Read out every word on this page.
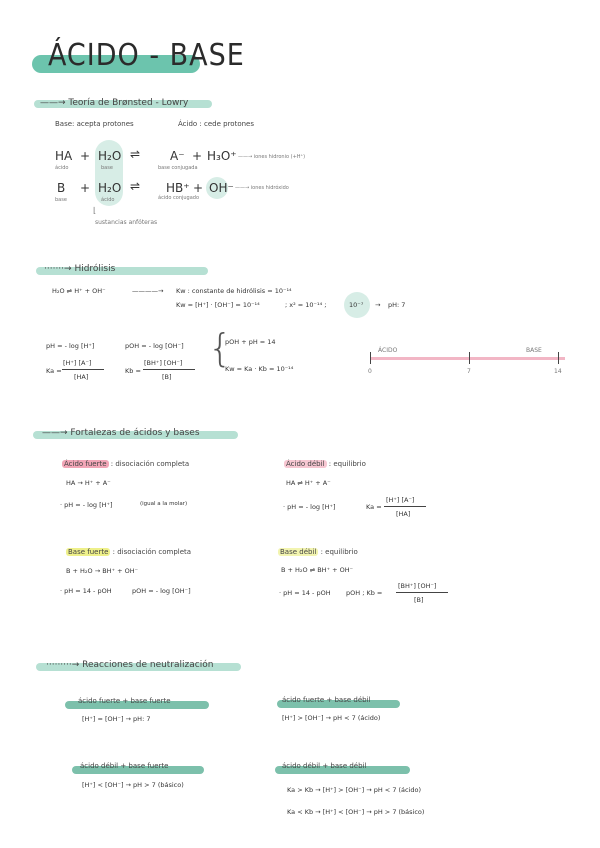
ÁCIDO - BASE
——→ Teoría de Brønsted - Lowry
Base: acepta protones	Ácido : cede protones
HA + H₂O ⇌ A⁻ + H₃O⁺
ácido	base	base conjugada
——→ iones hidronio (+H⁺)
B + H₂O ⇌ HB⁺ + OH⁻
base	ácido	ácido conjugado
——→ iones hidróxido
⌊
sustancias anfóteras
·······→ Hidrólisis
H₂O ⇌ H⁺ + OH⁻	————→ Kw : constante de hidrólisis = 10⁻¹⁴
Kw = [H⁺] · [OH⁻] = 10⁻¹⁴	; x² = 10⁻¹⁴ ;	10⁻⁷ → pH: 7
pH = - log [H⁺]	pOH = - log [OH⁻]
Ka =
[H⁺] [A⁻]
[HA]
Kb =
[BH⁺] [OH⁻]
[B]
{
pOH + pH = 14
Kw = Ka · Kb = 10⁻¹⁴
ÁCIDO	BASE
0	7	14
——→ Fortalezas de ácidos y bases
Ácido fuerte : disociación completa
HA → H⁺ + A⁻
· pH = - log [H⁺]	(igual a la molar)
Ácido débil : equilibrio
HA ⇌ H⁺ + A⁻
· pH = - log [H⁺]	Ka =
[H⁺] [A⁻]
[HA]
Base fuerte : disociación completa
B + H₂O → BH⁺ + OH⁻
· pH = 14 - pOH	pOH = - log [OH⁻]
Base débil : equilibrio
B + H₂O ⇌ BH⁺ + OH⁻
· pH = 14 - pOH pOH ; Kb =
[BH⁺] [OH⁻]
[B]
·········→ Reacciones de neutralización
ácido fuerte + base fuerte
[H⁺] = [OH⁻] → pH: 7
ácido fuerte + base débil
[H⁺] > [OH⁻] → pH < 7 (ácido)
ácido débil + base fuerte
[H⁺] < [OH⁻] → pH > 7 (básico)
ácido débil + base débil
Ka > Kb → [H⁺] > [OH⁻] → pH < 7 (ácido)
Ka < Kb → [H⁺] < [OH⁻] → pH > 7 (básico)
